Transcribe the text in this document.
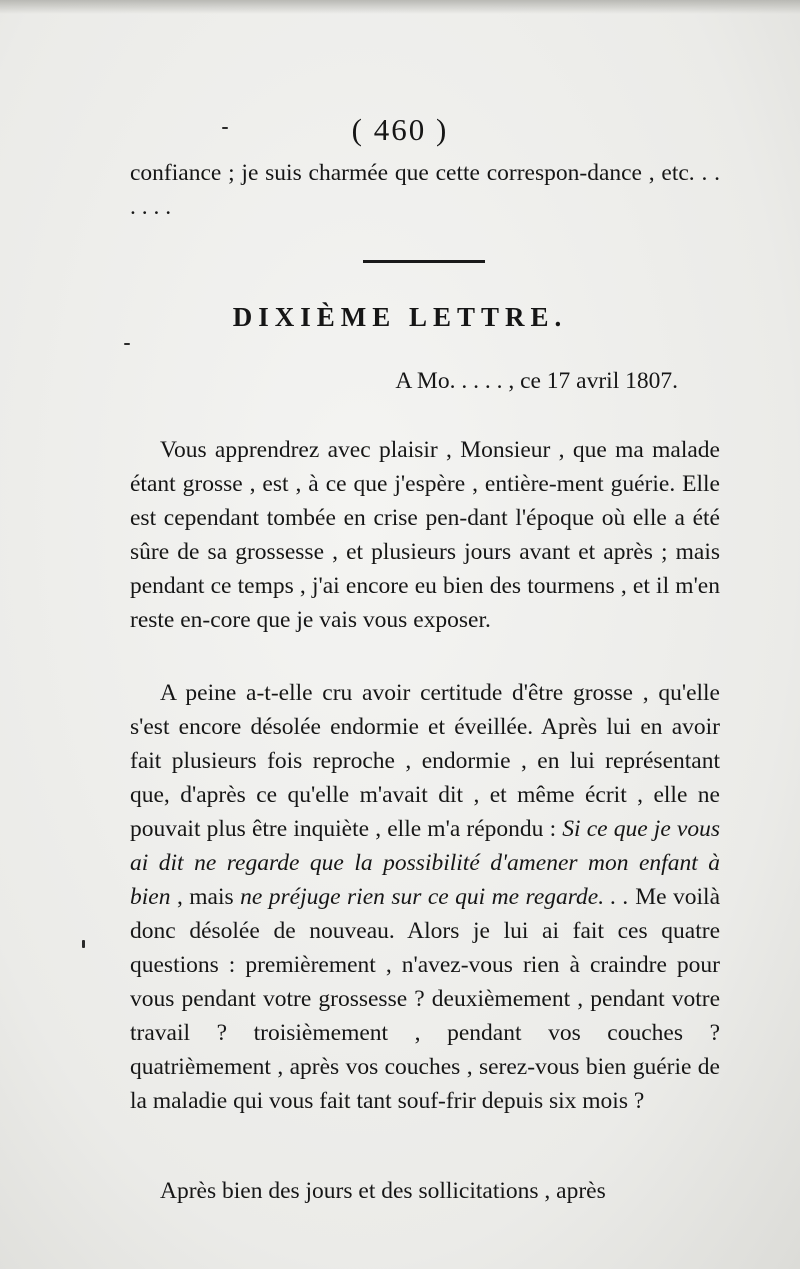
( 460 )

confiance ; je suis charmée que cette correspon-dance , etc. . . . . . .

DIXIÈME LETTRE.
A Mo. . . . . , ce 17 avril 1807.

Vous apprendrez avec plaisir , Monsieur , que ma malade étant grosse , est , à ce que j'espère , entière-ment guérie. Elle est cependant tombée en crise pen-dant l'époque où elle a été sûre de sa grossesse , et plusieurs jours avant et après ; mais pendant ce temps , j'ai encore eu bien des tourmens , et il m'en reste en-core que je vais vous exposer.

A peine a-t-elle cru avoir certitude d'être grosse , qu'elle s'est encore désolée endormie et éveillée. Après lui en avoir fait plusieurs fois reproche , endormie , en lui représentant que, d'après ce qu'elle m'avait dit , et même écrit , elle ne pouvait plus être inquiète , elle m'a répondu : Si ce que je vous ai dit ne regarde que la possibilité d'amener mon enfant à bien , mais ne préjuge rien sur ce qui me regarde. . . Me voilà donc désolée de nouveau. Alors je lui ai fait ces quatre questions : premièrement , n'avez-vous rien à craindre pour vous pendant votre grossesse ? deuxièmement , pendant votre travail ? troisièmement , pendant vos couches ? quatrièmement , après vos couches , serez-vous bien guérie de la maladie qui vous fait tant souf-frir depuis six mois ?

Après bien des jours et des sollicitations , après
